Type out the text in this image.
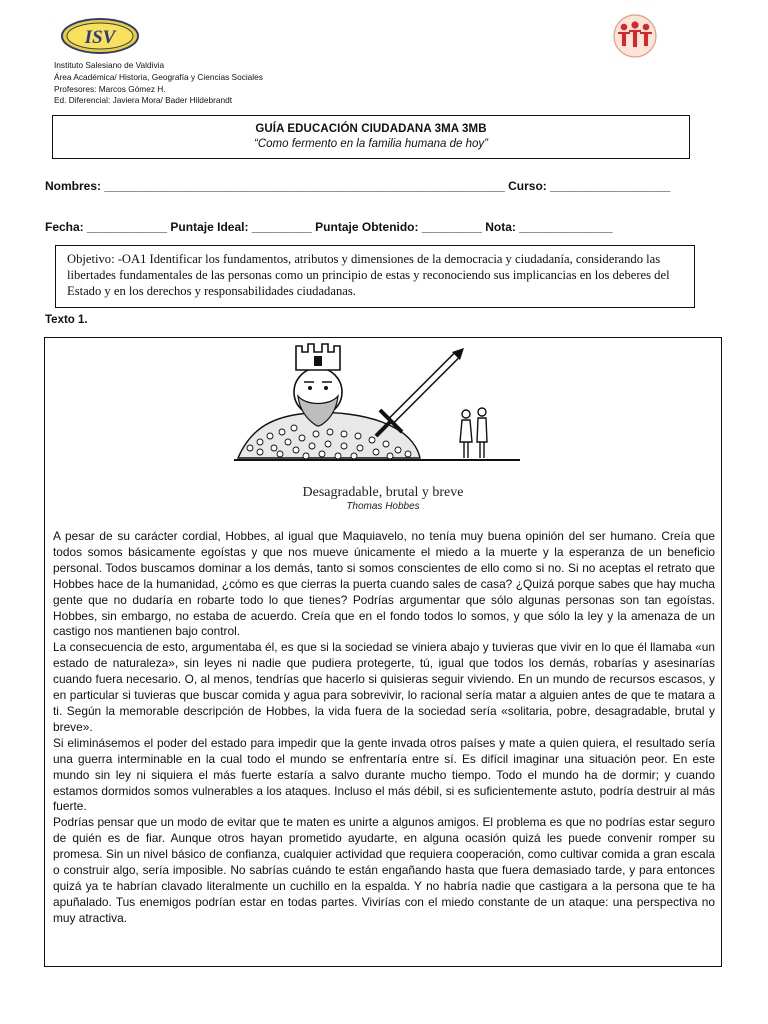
ISV
Instituto Salesiano de Valdivia
Área Académica/ Historia, Geografía y Ciencias Sociales
Profesores: Marcos Gómez H.
Ed. Diferencial: Javiera Mora/ Bader Hildebrandt
GUÍA EDUCACIÓN CIUDADANA 3MA 3MB
“Como fermento en la familia humana de hoy”
Nombres: ____________________________________________________________ Curso: __________________
Fecha: ____________ Puntaje Ideal: _________ Puntaje Obtenido: _________ Nota: ______________
Objetivo: -OA1 Identificar los fundamentos, atributos y dimensiones de la democracia y ciudadanía, considerando las libertades fundamentales de las personas como un principio de estas y reconociendo sus implicancias en los deberes del Estado y en los derechos y responsabilidades ciudadanas.
Texto 1.
Desagradable, brutal y breve
Thomas Hobbes

A pesar de su carácter cordial, Hobbes, al igual que Maquiavelo, no tenía muy buena opinión del ser humano. Creía que todos somos básicamente egoístas y que nos mueve únicamente el miedo a la muerte y la esperanza de un beneficio personal. Todos buscamos dominar a los demás, tanto si somos conscientes de ello como si no. Si no aceptas el retrato que Hobbes hace de la humanidad, ¿cómo es que cierras la puerta cuando sales de casa? ¿Quizá porque sabes que hay mucha gente que no dudaría en robarte todo lo que tienes? Podrías argumentar que sólo algunas personas son tan egoístas. Hobbes, sin embargo, no estaba de acuerdo. Creía que en el fondo todos lo somos, y que sólo la ley y la amenaza de un castigo nos mantienen bajo control.

La consecuencia de esto, argumentaba él, es que si la sociedad se viniera abajo y tuvieras que vivir en lo que él llamaba «un estado de naturaleza», sin leyes ni nadie que pudiera protegerte, tú, igual que todos los demás, robarías y asesinarías cuando fuera necesario. O, al menos, tendrías que hacerlo si quisieras seguir viviendo. En un mundo de recursos escasos, y en particular si tuvieras que buscar comida y agua para sobrevivir, lo racional sería matar a alguien antes de que te matara a ti. Según la memorable descripción de Hobbes, la vida fuera de la sociedad sería «solitaria, pobre, desagradable, brutal y breve».

Si eliminásemos el poder del estado para impedir que la gente invada otros países y mate a quien quiera, el resultado sería una guerra interminable en la cual todo el mundo se enfrentaría entre sí. Es difícil imaginar una situación peor. En este mundo sin ley ni siquiera el más fuerte estaría a salvo durante mucho tiempo. Todo el mundo ha de dormir; y cuando estamos dormidos somos vulnerables a los ataques. Incluso el más débil, si es suficientemente astuto, podría destruir al más fuerte.

Podrías pensar que un modo de evitar que te maten es unirte a algunos amigos. El problema es que no podrías estar seguro de quién es de fiar. Aunque otros hayan prometido ayudarte, en alguna ocasión quizá les puede convenir romper su promesa. Sin un nivel básico de confianza, cualquier actividad que requiera cooperación, como cultivar comida a gran escala o construir algo, sería imposible. No sabrías cuándo te están engañando hasta que fuera demasiado tarde, y para entonces quizá ya te habrían clavado literalmente un cuchillo en la espalda. Y no habría nadie que castigara a la persona que te ha apuñalado. Tus enemigos podrían estar en todas partes. Vivirías con el miedo constante de un ataque: una perspectiva no muy atractiva.
